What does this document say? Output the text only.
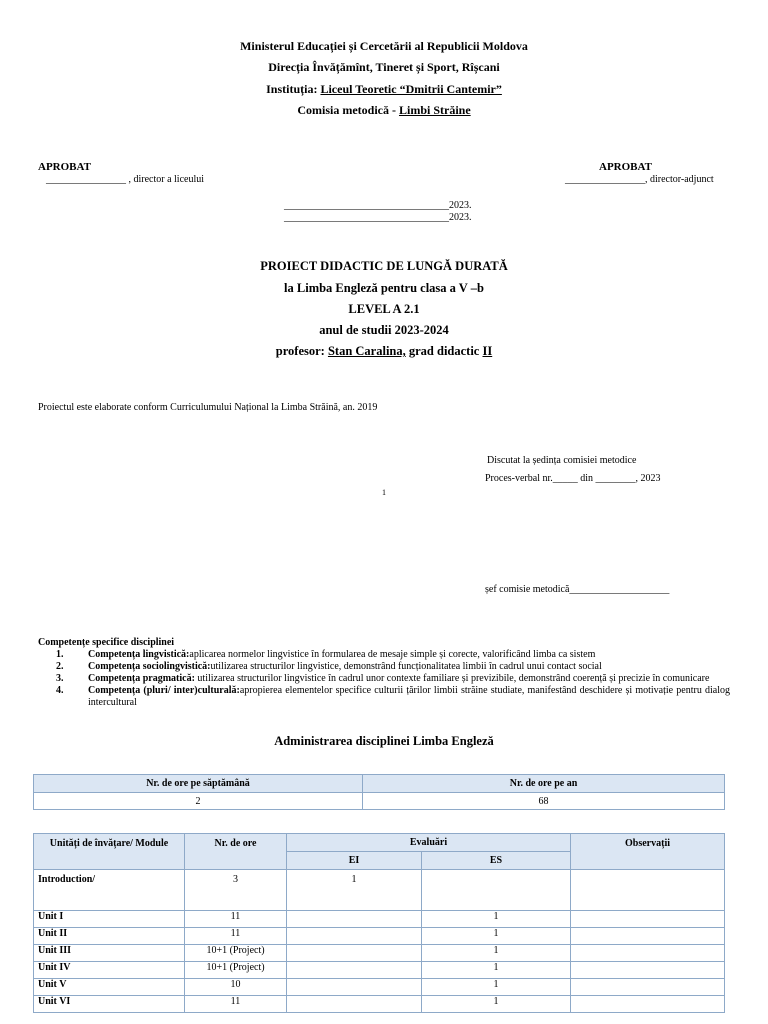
Ministerul Educației și Cercetării al Republicii Moldova
Direcția Învățămînt, Tineret și Sport, Rîșcani
Instituția: Liceul Teoretic “Dmitrii Cantemir”
Comisia metodică - Limbi Străine
APROBAT
________________ , director a liceului
APROBAT
________________, director-adjunct
_________________________________2023.
_________________________________2023.
PROIECT DIDACTIC DE LUNGĂ DURATĂ
la Limba Engleză pentru clasa a V –b
LEVEL A 2.1
anul de studii 2023-2024
profesor: Stan Caralina, grad didactic II
Proiectul este elaborate conform Curriculumului Național la Limba Străină, an. 2019
Discutat la ședința comisiei metodice
Proces-verbal nr._____ din ________, 2023
1
șef comisie metodică____________________
Competențe specifice disciplinei
1. Competența lingvistică:aplicarea normelor lingvistice în formularea de mesaje simple și corecte, valorificând limba ca sistem
2. Competența sociolingvistică:utilizarea structurilor lingvistice, demonstrând funcționalitatea limbii în cadrul unui contact social
3. Competența pragmatică: utilizarea structurilor lingvistice în cadrul unor contexte familiare și previzibile, demonstrând coerență și precizie în comunicare
4. Competența (pluri/ inter)culturală:apropierea elementelor specifice culturii țărilor limbii străine studiate, manifestând deschidere și motivație pentru dialog intercultural
Administrarea disciplinei Limba Engleză
Nr. de ore pe săptămână	Nr. de ore pe an
2	68
Unități de învățare/ Module	Nr. de ore	Evaluări		Observații
		EI	ES	
Introduction/	3	1		
Unit I	11		1	
Unit II	11		1	
Unit III	10+1 (Project)		1	
Unit IV	10+1 (Project)		1	
Unit V	10		1	
Unit VI	11		1	
